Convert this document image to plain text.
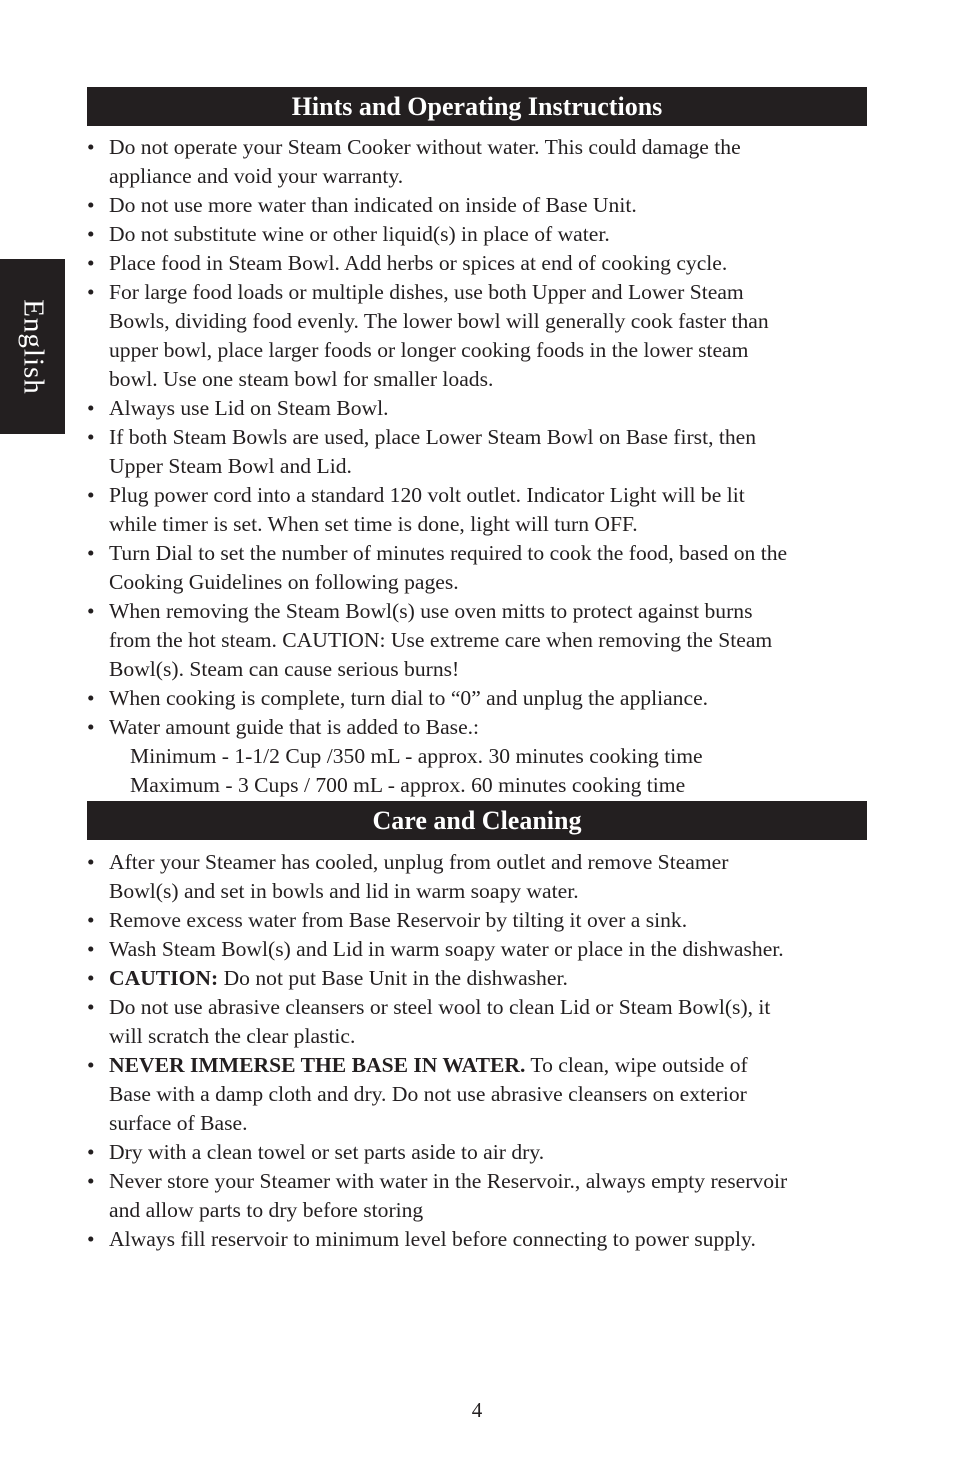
English
Hints and Operating Instructions
• Do not operate your Steam Cooker without water. This could damage the
appliance and void your warranty.
• Do not use more water than indicated on inside of Base Unit.
• Do not substitute wine or other liquid(s) in place of water.
• Place food in Steam Bowl. Add herbs or spices at end of cooking cycle.
• For large food loads or multiple dishes, use both Upper and Lower Steam
Bowls, dividing food evenly. The lower bowl will generally cook faster than
upper bowl, place larger foods or longer cooking foods in the lower steam
bowl. Use one steam bowl for smaller loads.
• Always use Lid on Steam Bowl.
• If both Steam Bowls are used, place Lower Steam Bowl on Base first, then
Upper Steam Bowl and Lid.
• Plug power cord into a standard 120 volt outlet. Indicator Light will be lit
while timer is set. When set time is done, light will turn OFF.
• Turn Dial to set the number of minutes required to cook the food, based on the
Cooking Guidelines on following pages.
• When removing the Steam Bowl(s) use oven mitts to protect against burns
from the hot steam. CAUTION: Use extreme care when removing the Steam
Bowl(s). Steam can cause serious burns!
• When cooking is complete, turn dial to “0” and unplug the appliance.
• Water amount guide that is added to Base.:
Minimum - 1-1/2 Cup /350 mL - approx. 30 minutes cooking time
Maximum - 3 Cups / 700 mL - approx. 60 minutes cooking time
Care and Cleaning
• After your Steamer has cooled, unplug from outlet and remove Steamer
Bowl(s) and set in bowls and lid in warm soapy water.
• Remove excess water from Base Reservoir by tilting it over a sink.
• Wash Steam Bowl(s) and Lid in warm soapy water or place in the dishwasher.
• CAUTION: Do not put Base Unit in the dishwasher.
• Do not use abrasive cleansers or steel wool to clean Lid or Steam Bowl(s), it
will scratch the clear plastic.
• NEVER IMMERSE THE BASE IN WATER. To clean, wipe outside of
Base with a damp cloth and dry. Do not use abrasive cleansers on exterior
surface of Base.
• Dry with a clean towel or set parts aside to air dry.
• Never store your Steamer with water in the Reservoir., always empty reservoir
and allow parts to dry before storing
• Always fill reservoir to minimum level before connecting to power supply.
4
